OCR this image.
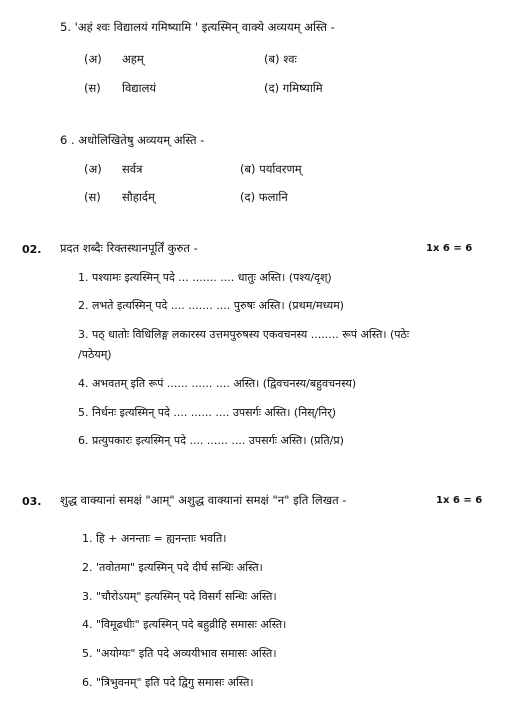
5. 'अहं श्वः विद्यालयं गमिष्यामि ' इत्यस्मिन् वाक्ये अव्ययम् अस्ति -
(अ) अहम्	(ब) श्वः
(स) विद्यालयं	(द) गमिष्यामि
6 . अधोलिखितेषु अव्ययम् अस्ति -
(अ) सर्वत्र	(ब) पर्यावरणम्
(स) सौहार्दम्	(द) फलानि
02. प्रदत शब्दैः रिक्तस्थानपूर्तिं कुरुत -	1x 6 = 6
1. पश्यामः इत्यस्मिन् पदे ... ....... .... धातुः अस्ति। (पश्य/दृश्)
2. लभते इत्यस्मिन् पदे .... ....... .... पुरुषः अस्ति। (प्रथम/मध्यम)
3. पठ् धातोः विधिलिङ्ग लकारस्य उत्तमपुरुषस्य एकवचनस्य ........ रूपं अस्ति। (पठेः
/पठेयम्)
4. अभवतम् इति रूपं ...... ...... .... अस्ति। (द्विवचनस्य/बहुवचनस्य)
5. निर्धनः इत्यस्मिन् पदे .... ...... .... उपसर्गः अस्ति। (निस्/निर्)
6. प्रत्युपकारः इत्यस्मिन् पदे .... ...... .... उपसर्गः अस्ति। (प्रति/प्र)
03. शुद्ध वाक्यानां समक्षं "आम्" अशुद्ध वाक्यानां समक्षं "न" इति लिखत -	1x 6 = 6
1. हि + अनन्ताः = ह्यनन्ताः भवति।
2. 'तवोतमा" इत्यस्मिन् पदे दीर्घ सन्धिः अस्ति।
3. "चौरोऽयम्" इत्यस्मिन् पदे विसर्ग सन्धिः अस्ति।
4. "विमूढधीः" इत्यस्मिन् पदे बहुव्रीहि समासः अस्ति।
5. "अयोग्यः" इति पदे अव्ययीभाव समासः अस्ति।
6. "त्रिभुवनम्" इति पदे द्विगु समासः अस्ति।
